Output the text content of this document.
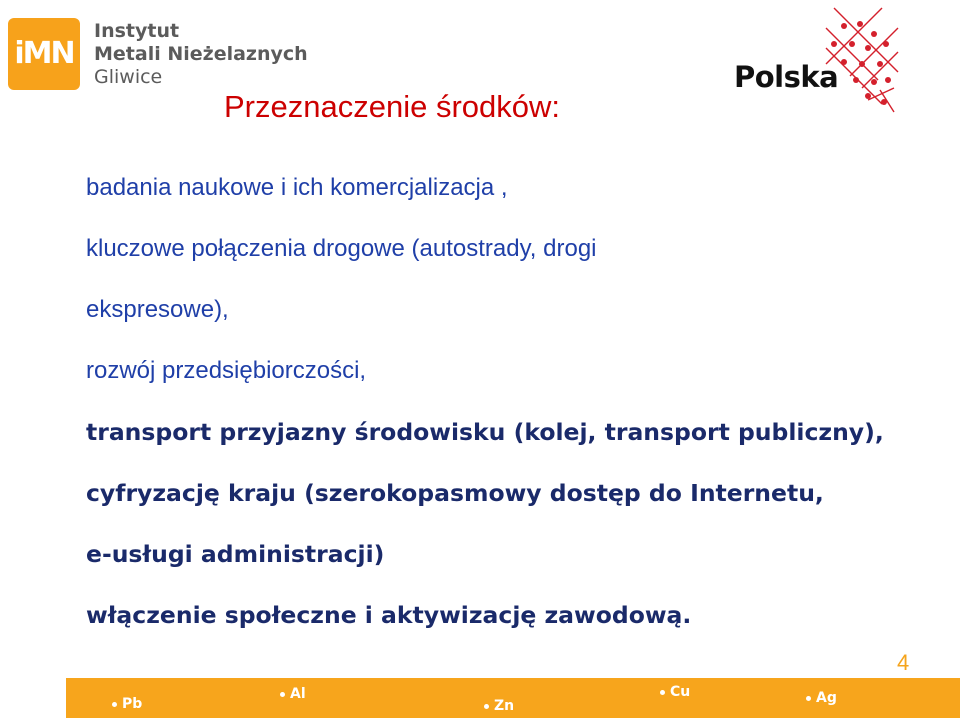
iMN
Instytut
Metali Nieżelaznych
Gliwice	Polska
Przeznaczenie środków:
badania naukowe i ich komercjalizacja ,
kluczowe połączenia drogowe (autostrady, drogi
ekspresowe),
rozwój przedsiębiorczości,
transport przyjazny środowisku (kolej, transport publiczny),
cyfryzację kraju (szerokopasmowy dostęp do Internetu,
e-usługi administracji)
włączenie społeczne i aktywizację zawodową.
4
Pb
Al
Zn
Cu	Ag
